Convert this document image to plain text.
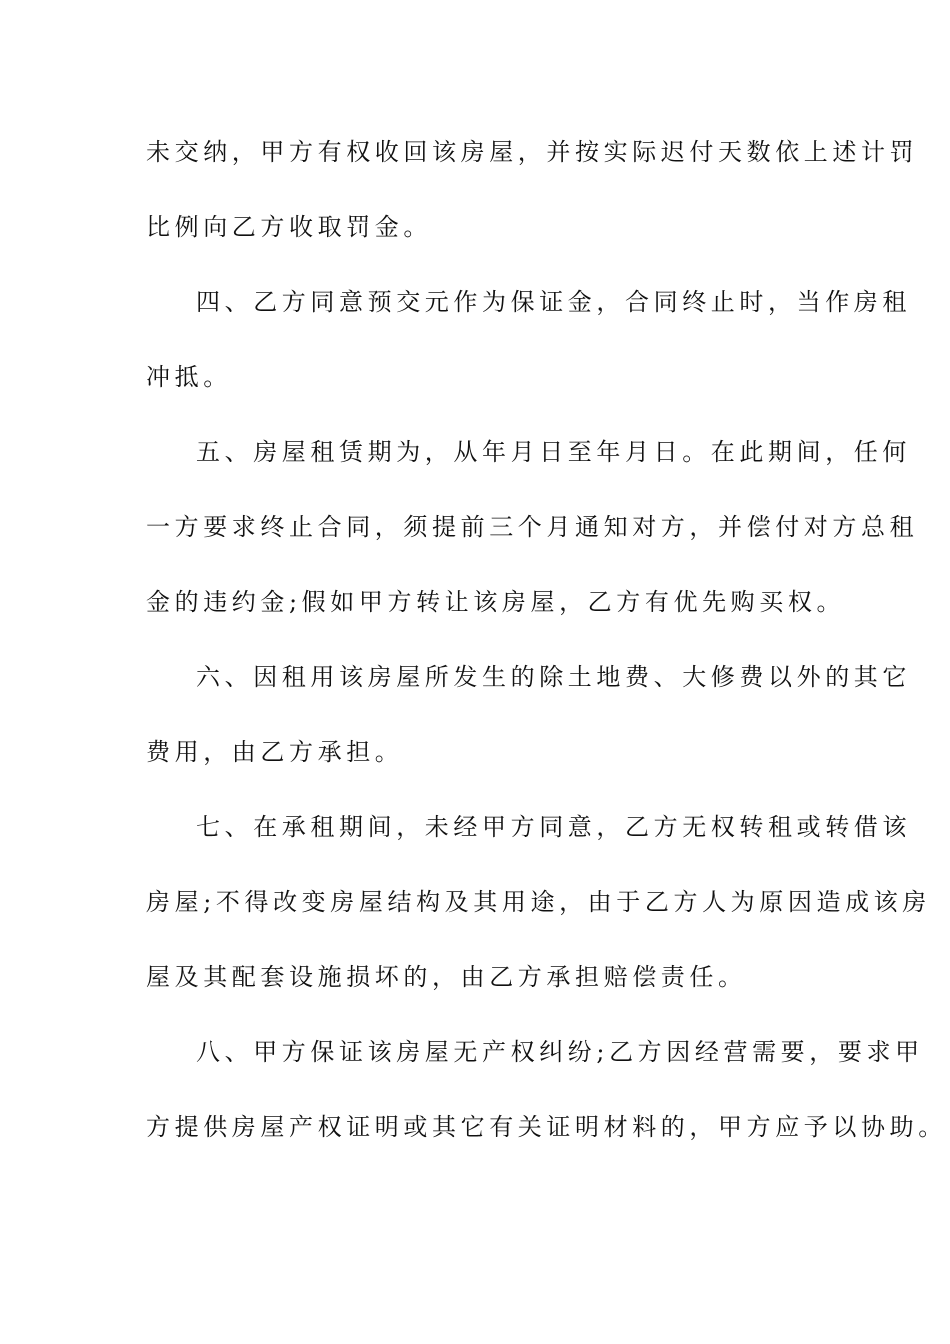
未交纳，甲方有权收回该房屋，并按实际迟付天数依上述计罚
比例向乙方收取罚金。
四、乙方同意预交元作为保证金，合同终止时，当作房租
冲抵。
五、房屋租赁期为，从年月日至年月日。在此期间，任何
一方要求终止合同，须提前三个月通知对方，并偿付对方总租
金的违约金;假如甲方转让该房屋，乙方有优先购买权。
六、因租用该房屋所发生的除土地费、大修费以外的其它
费用，由乙方承担。
七、在承租期间，未经甲方同意，乙方无权转租或转借该
房屋;不得改变房屋结构及其用途，由于乙方人为原因造成该房
屋及其配套设施损坏的，由乙方承担赔偿责任。
八、甲方保证该房屋无产权纠纷;乙方因经营需要，要求甲
方提供房屋产权证明或其它有关证明材料的，甲方应予以协助。
